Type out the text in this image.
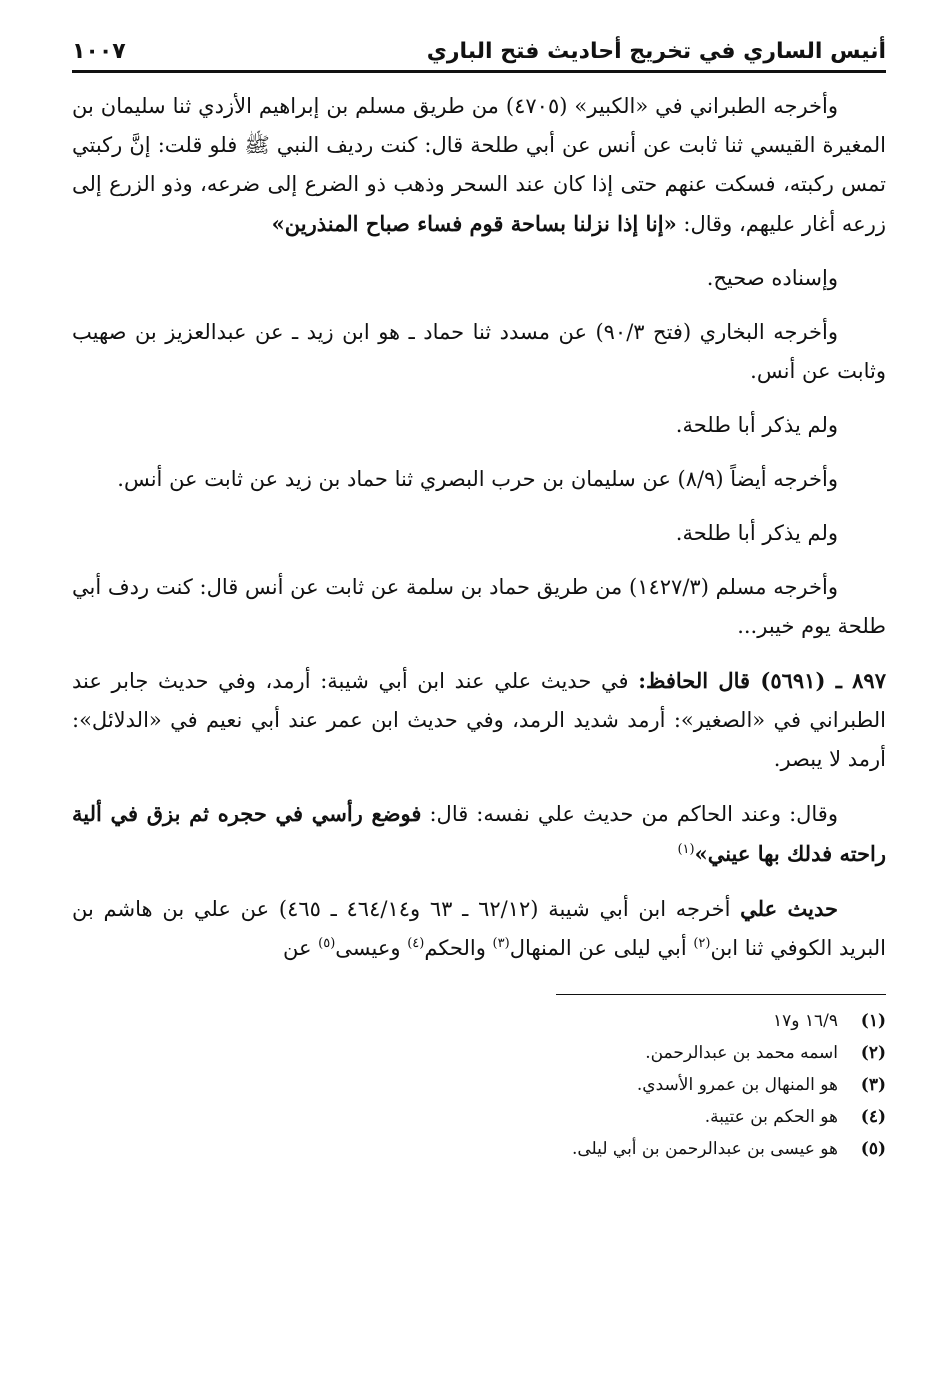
أنيس الساري في تخريج أحاديث فتح الباري
١٠٠٧

وأخرجه الطبراني في «الكبير» (٤٧٠٥) من طريق مسلم بن إبراهيم الأزدي ثنا سليمان بن المغيرة القيسي ثنا ثابت عن أنس عن أبي طلحة قال: كنت رديف النبي ﷺ فلو قلت: إنَّ ركبتي تمس ركبته، فسكت عنهم حتى إذا كان عند السحر وذهب ذو الضرع إلى ضرعه، وذو الزرع إلى زرعه أغار عليهم، وقال: «إنا إذا نزلنا بساحة قوم فساء صباح المنذرين»

وإسناده صحيح.

وأخرجه البخاري (فتح ٩٠/٣) عن مسدد ثنا حماد ـ هو ابن زيد ـ عن عبدالعزيز بن صهيب وثابت عن أنس.

ولم يذكر أبا طلحة.

وأخرجه أيضاً (٨/٩) عن سليمان بن حرب البصري ثنا حماد بن زيد عن ثابت عن أنس.

ولم يذكر أبا طلحة.

وأخرجه مسلم (١٤٢٧/٣) من طريق حماد بن سلمة عن ثابت عن أنس قال: كنت ردف أبي طلحة يوم خيبر...

٨٩٧ ـ (٥٦٩١) قال الحافظ: في حديث علي عند ابن أبي شيبة: أرمد، وفي حديث جابر عند الطبراني في «الصغير»: أرمد شديد الرمد، وفي حديث ابن عمر عند أبي نعيم في «الدلائل»: أرمد لا يبصر.

وقال: وعند الحاكم من حديث علي نفسه: قال: فوضع رأسي في حجره ثم بزق في ألية راحته فدلك بها عيني»$^{(١)}$

حديث علي أخرجه ابن أبي شيبة (٦٢/١٢ ـ ٦٣ و٤٦٤/١٤ ـ ٤٦٥) عن علي بن هاشم بن البريد الكوفي ثنا ابن$^{(٢)}$ أبي ليلى عن المنهال$^{(٣)}$ والحكم$^{(٤)}$ وعيسى$^{(٥)}$ عن

(١)
١٦/٩ و١٧
(٢)
اسمه محمد بن عبدالرحمن.
(٣)
هو المنهال بن عمرو الأسدي.
(٤)
هو الحكم بن عتيبة.
(٥)
هو عيسى بن عبدالرحمن بن أبي ليلى.
